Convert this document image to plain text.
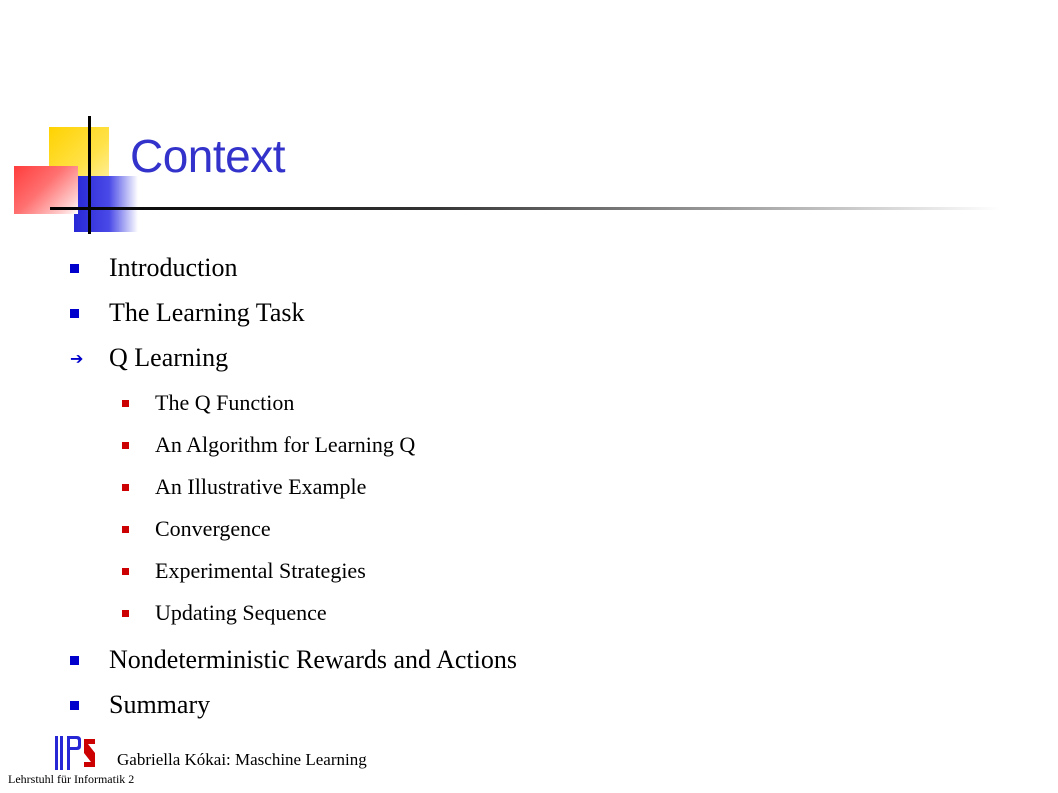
Context
Introduction
The Learning Task
➔ Q Learning
The Q Function
An Algorithm for Learning Q
An Illustrative Example
Convergence
Experimental Strategies
Updating Sequence
Nondeterministic Rewards and Actions
Summary
Gabriella Kókai: Maschine Learning
Lehrstuhl für Informatik 2
